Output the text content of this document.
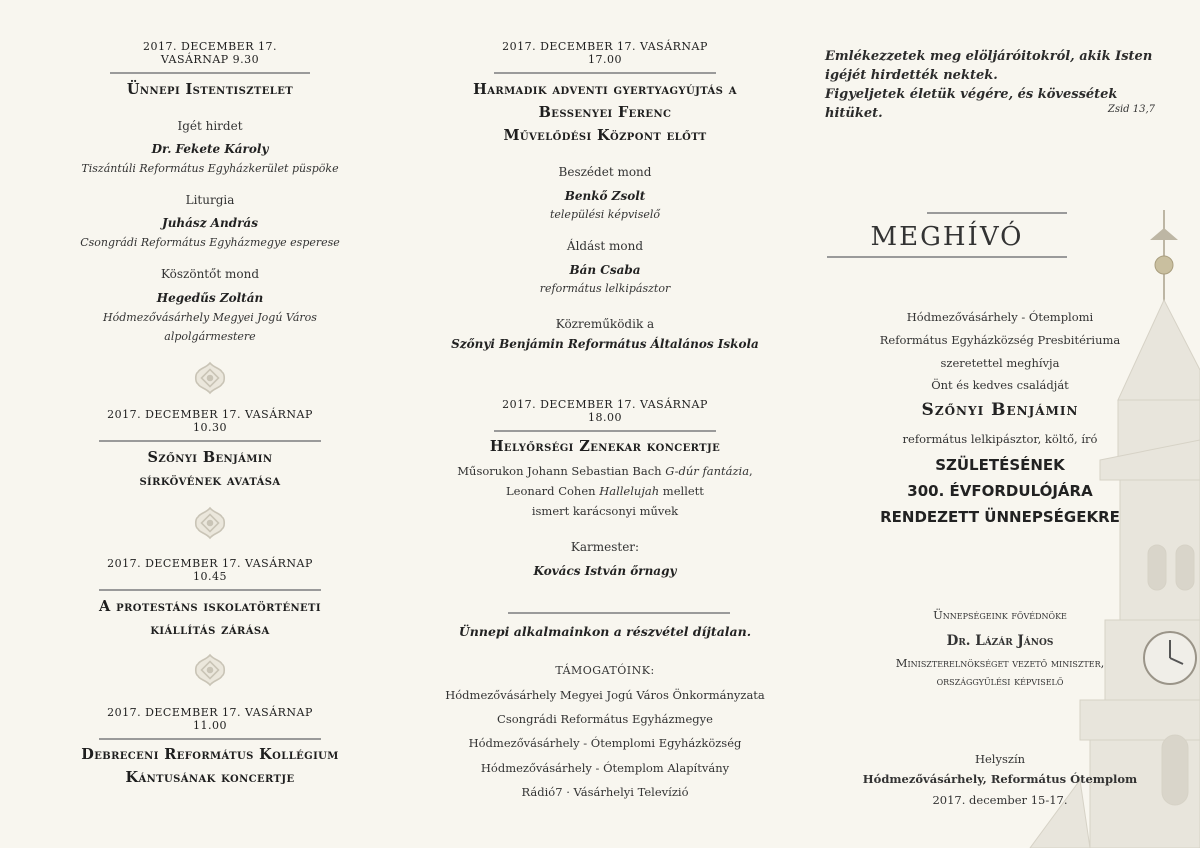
2017. DECEMBER 17. VASÁRNAP 9.30
Ünnepi Istentisztelet
Igét hirdet
Dr. Fekete Károly
Tiszántúli Református Egyházkerület püspöke
Liturgia
Juhász András
Csongrádi Református Egyházmegye esperese
Köszöntőt mond
Hegedűs Zoltán
Hódmezővásárhely Megyei Jogú Város
alpolgármestere
2017. DECEMBER 17. VASÁRNAP 10.30
Szőnyi Benjámin
sírkövének avatása
2017. DECEMBER 17. VASÁRNAP 10.45
A protestáns iskolatörténeti
kiállítás zárása
2017. DECEMBER 17. VASÁRNAP 11.00
Debreceni Református Kollégium
Kántusának koncertje
2017. DECEMBER 17. VASÁRNAP 17.00
Harmadik adventi gyertyagyújtás a
Bessenyei Ferenc
Művelődési Központ előtt
Beszédet mond
Benkő Zsolt
települési képviselő
Áldást mond
Bán Csaba
református lelkipásztor
Közreműködik a
Szőnyi Benjámin Református Általános Iskola
2017. DECEMBER 17. VASÁRNAP 18.00
Helyőrségi Zenekar koncertje
Műsorukon Johann Sebastian Bach G-dúr fantázia,
Leonard Cohen Hallelujah mellett
ismert karácsonyi művek
Karmester:
Kovács István őrnagy
Ünnepi alkalmainkon a részvétel díjtalan.
TÁMOGATÓINK:
Hódmezővásárhely Megyei Jogú Város Önkormányzata
Csongrádi Református Egyházmegye
Hódmezővásárhely - Ótemplomi Egyházközség
Hódmezővásárhely - Ótemplom Alapítvány
Rádió7 · Vásárhelyi Televízió
Emlékezzetek meg elöljáróitokról, akik Isten
igéjét hirdették nektek.
Figyeljetek életük végére, és kövessétek hitüket.	Zsid 13,7
MEGHÍVÓ
Hódmezővásárhely - Ótemplomi
Református Egyházközség Presbitériuma
szeretettel meghívja
Önt és kedves családját
Szőnyi Benjámin
református lelkipásztor, költő, író
SZÜLETÉSÉNEK
300. ÉVFORDULÓJÁRA
RENDEZETT ÜNNEPSÉGEKRE
Ünnepségeink fővédnöke
Dr. Lázár János
Miniszterelnökséget vezető miniszter,
országgyűlési képviselő
Helyszín
Hódmezővásárhely, Református Ótemplom
2017. december 15-17.
